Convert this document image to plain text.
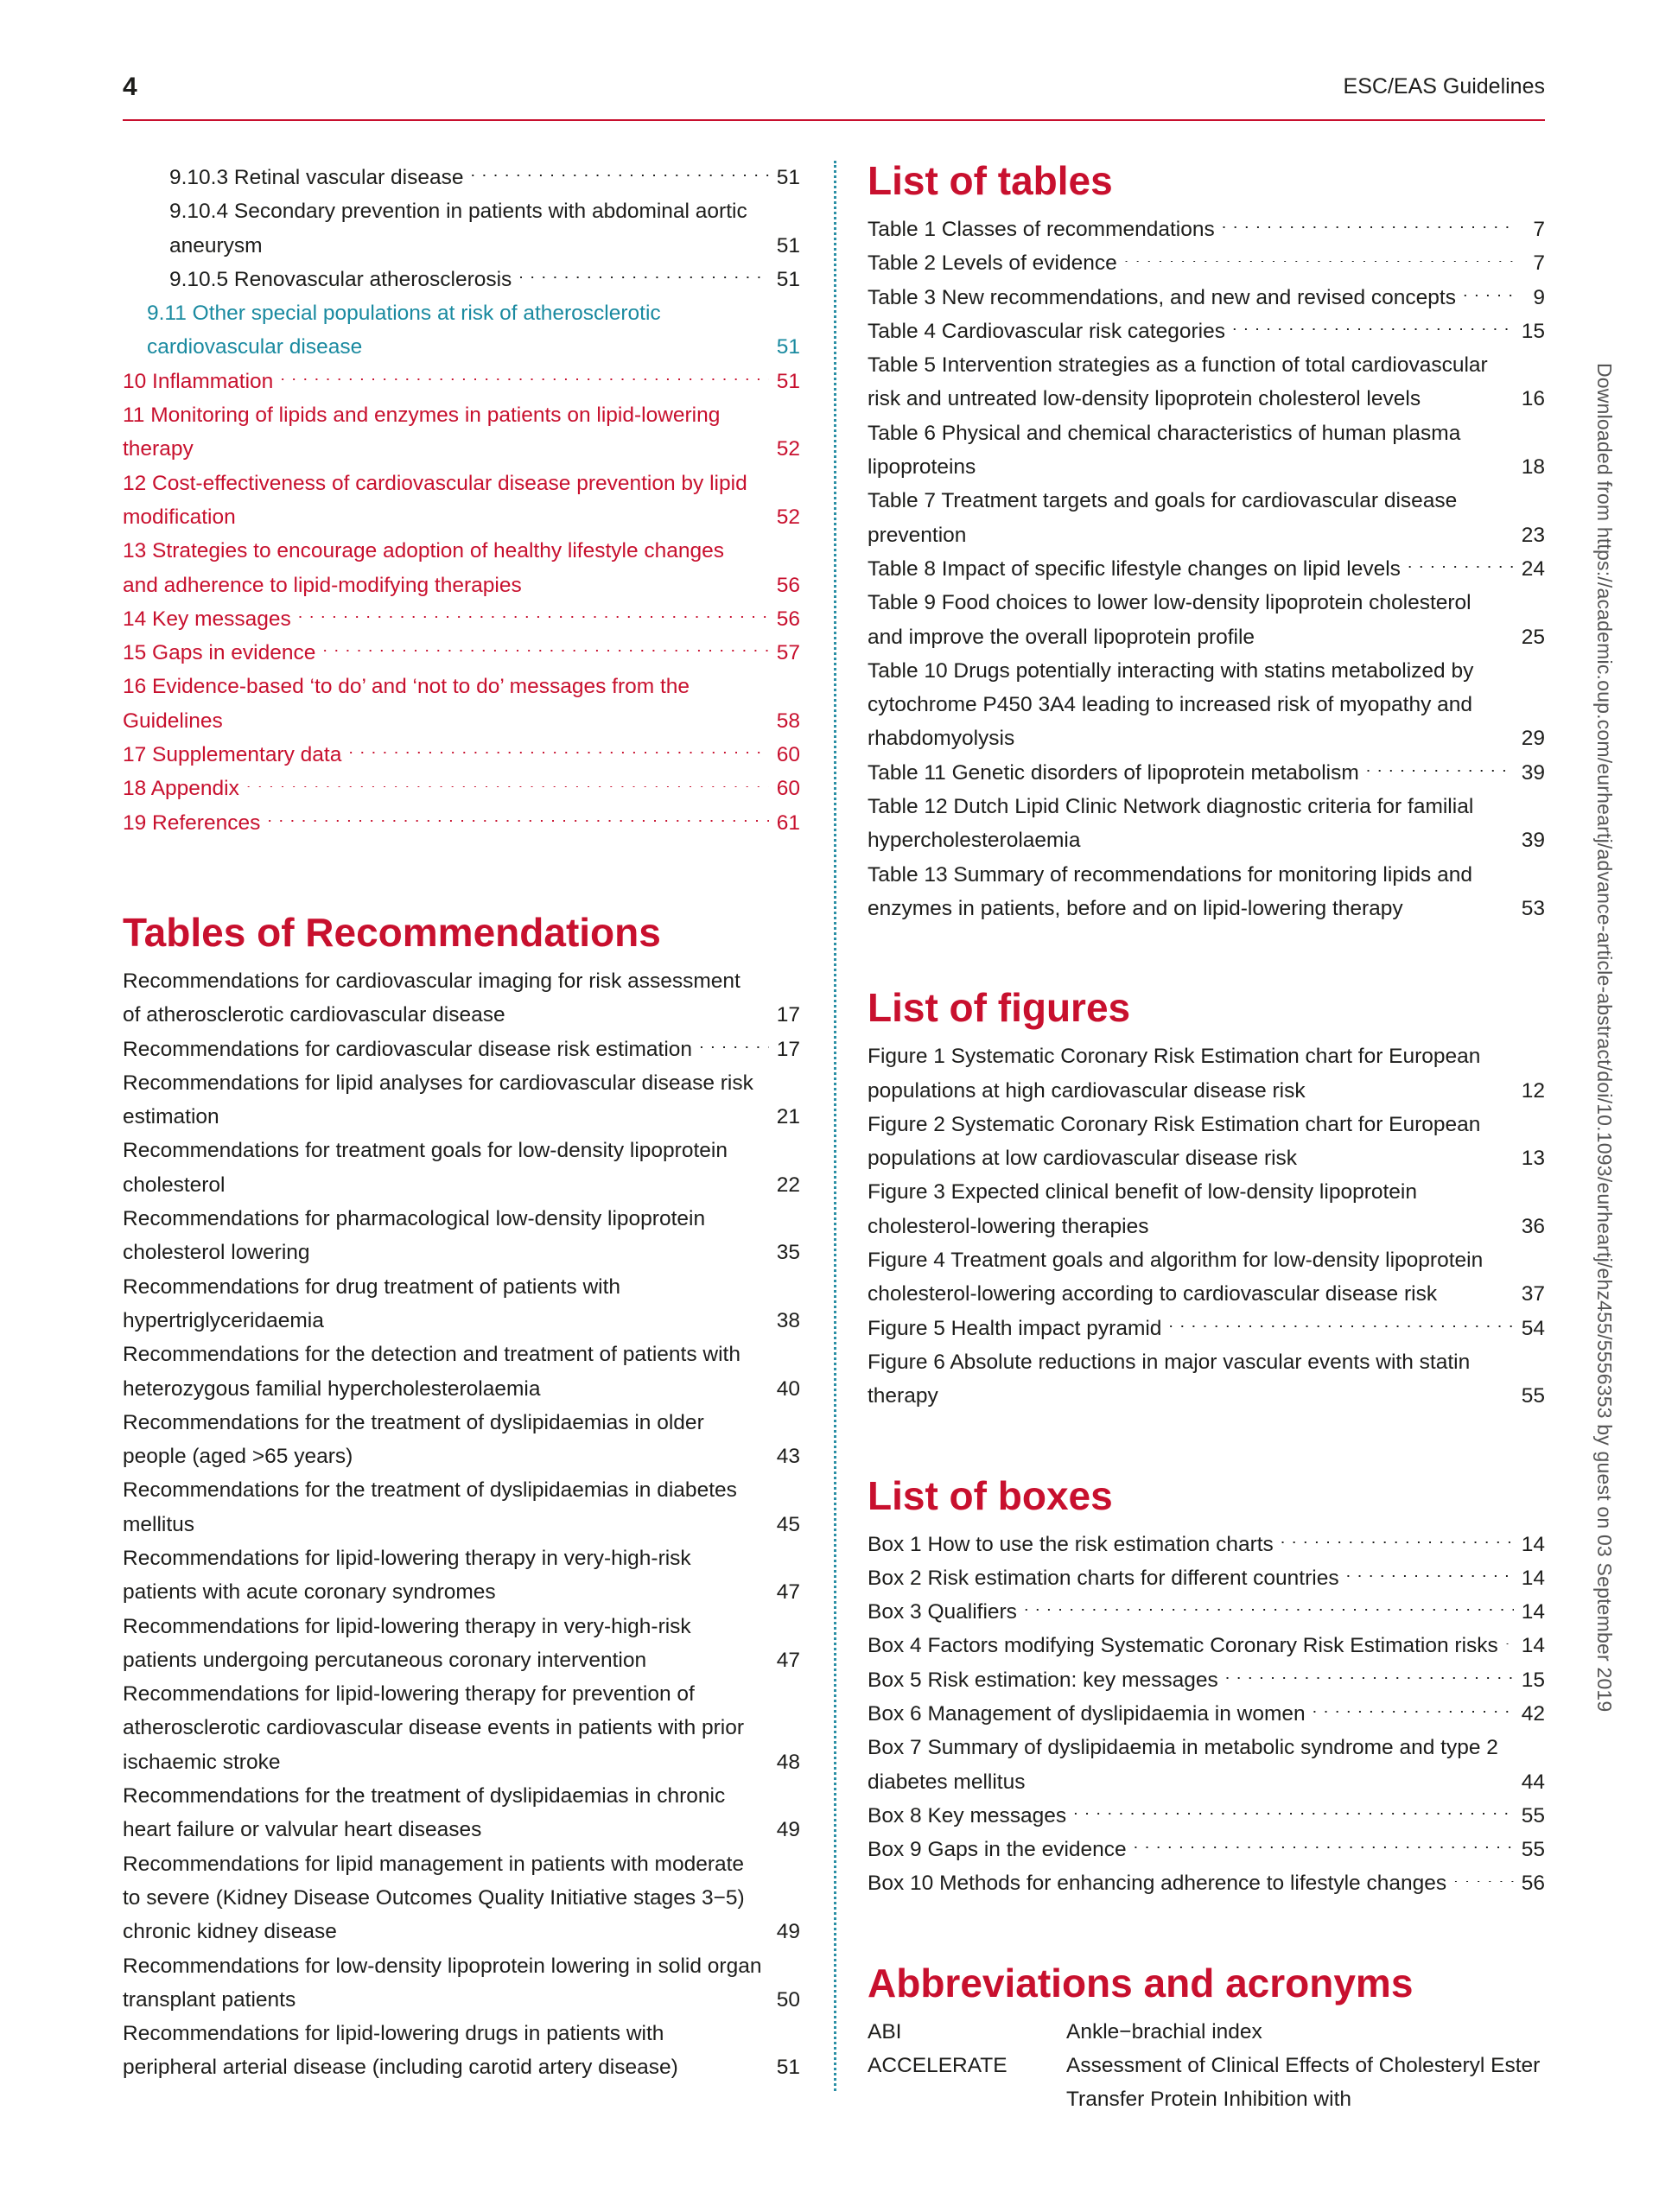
4	ESC/EAS Guidelines
9.10.3 Retinal vascular disease . . .	51
9.10.4 Secondary prevention in patients with abdominal aortic aneurysm	51
9.10.5 Renovascular atherosclerosis . . .	51
9.11 Other special populations at risk of atherosclerotic cardiovascular disease	51
10 Inflammation . . .	51
11 Monitoring of lipids and enzymes in patients on lipid-lowering therapy	52
12 Cost-effectiveness of cardiovascular disease prevention by lipid modification	52
13 Strategies to encourage adoption of healthy lifestyle changes and adherence to lipid-modifying therapies	56
14 Key messages . . .	56
15 Gaps in evidence . . .	57
16 Evidence-based ‘to do’ and ‘not to do’ messages from the Guidelines	58
17 Supplementary data . . .	60
18 Appendix . . .	60
19 References . . .	61
Tables of Recommendations
Recommendations for cardiovascular imaging for risk assessment of atherosclerotic cardiovascular disease	17
Recommendations for cardiovascular disease risk estimation . . .	17
Recommendations for lipid analyses for cardiovascular disease risk estimation	21
Recommendations for treatment goals for low-density lipoprotein cholesterol	22
Recommendations for pharmacological low-density lipoprotein cholesterol lowering	35
Recommendations for drug treatment of patients with hypertriglyceridaemia	38
Recommendations for the detection and treatment of patients with heterozygous familial hypercholesterolaemia	40
Recommendations for the treatment of dyslipidaemias in older people (aged >65 years)	43
Recommendations for the treatment of dyslipidaemias in diabetes mellitus	45
Recommendations for lipid-lowering therapy in very-high-risk patients with acute coronary syndromes	47
Recommendations for lipid-lowering therapy in very-high-risk patients undergoing percutaneous coronary intervention	47
Recommendations for lipid-lowering therapy for prevention of atherosclerotic cardiovascular disease events in patients with prior ischaemic stroke	48
Recommendations for the treatment of dyslipidaemias in chronic heart failure or valvular heart diseases	49
Recommendations for lipid management in patients with moderate to severe (Kidney Disease Outcomes Quality Initiative stages 3−5) chronic kidney disease	49
Recommendations for low-density lipoprotein lowering in solid organ transplant patients	50
Recommendations for lipid-lowering drugs in patients with peripheral arterial disease (including carotid artery disease)	51
List of tables
Table 1 Classes of recommendations . . .	7
Table 2 Levels of evidence . . .	7
Table 3 New recommendations, and new and revised concepts . . .	9
Table 4 Cardiovascular risk categories . . .	15
Table 5 Intervention strategies as a function of total cardiovascular risk and untreated low-density lipoprotein cholesterol levels	16
Table 6 Physical and chemical characteristics of human plasma lipoproteins	18
Table 7 Treatment targets and goals for cardiovascular disease prevention	23
Table 8 Impact of specific lifestyle changes on lipid levels . . .	24
Table 9 Food choices to lower low-density lipoprotein cholesterol and improve the overall lipoprotein profile	25
Table 10 Drugs potentially interacting with statins metabolized by cytochrome P450 3A4 leading to increased risk of myopathy and rhabdomyolysis	29
Table 11 Genetic disorders of lipoprotein metabolism . . .	39
Table 12 Dutch Lipid Clinic Network diagnostic criteria for familial hypercholesterolaemia	39
Table 13 Summary of recommendations for monitoring lipids and enzymes in patients, before and on lipid-lowering therapy	53
List of figures
Figure 1 Systematic Coronary Risk Estimation chart for European populations at high cardiovascular disease risk	12
Figure 2 Systematic Coronary Risk Estimation chart for European populations at low cardiovascular disease risk	13
Figure 3 Expected clinical benefit of low-density lipoprotein cholesterol-lowering therapies	36
Figure 4 Treatment goals and algorithm for low-density lipoprotein cholesterol-lowering according to cardiovascular disease risk	37
Figure 5 Health impact pyramid . . .	54
Figure 6 Absolute reductions in major vascular events with statin therapy	55
List of boxes
Box 1 How to use the risk estimation charts . . .	14
Box 2 Risk estimation charts for different countries . . .	14
Box 3 Qualifiers . . .	14
Box 4 Factors modifying Systematic Coronary Risk Estimation risks . . . 14
Box 5 Risk estimation: key messages . . .	15
Box 6 Management of dyslipidaemia in women . . .	42
Box 7 Summary of dyslipidaemia in metabolic syndrome and type 2 diabetes mellitus	44
Box 8 Key messages . . .	55
Box 9 Gaps in the evidence . . .	55
Box 10 Methods for enhancing adherence to lifestyle changes . . .	56
Abbreviations and acronyms
ABI	Ankle−brachial index
ACCELERATE	Assessment of Clinical Effects of Cholesteryl Ester Transfer Protein Inhibition with
Downloaded from https://academic.oup.com/eurheartj/advance-article-abstract/doi/10.1093/eurheartj/ehz455/5556353 by guest on 03 September 2019
